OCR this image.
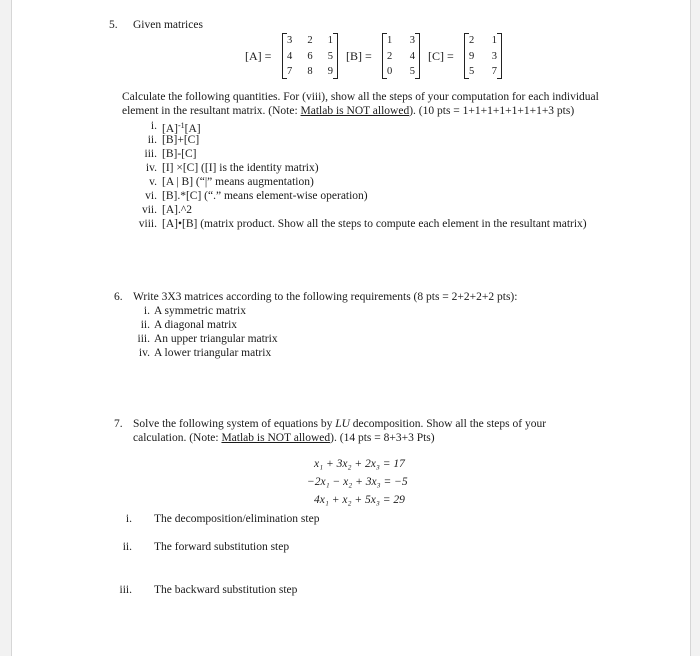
5. Given matrices
[A] =
3 2 1
4 6 5
7 8 9
[B] =
1 3
2 4
0 5
[C] =
2 1
9 3
5 7
Calculate the following quantities. For (viii), show all the steps of your computation for each individual
element in the resultant matrix. (Note: Matlab is NOT allowed). (10 pts = 1+1+1+1+1+1+1+3 pts)
i. $[A]^{-1}[A]$
ii. [B]+[C]
iii. [B]-[C]
iv. [I] ×[C] ([I] is the identity matrix)
v. [A | B] (“|” means augmentation)
vi. [B].*[C] (“.” means element-wise operation)
vii. [A].^2
viii. [A]•[B] (matrix product. Show all the steps to compute each element in the resultant matrix)
6. Write 3X3 matrices according to the following requirements (8 pts = 2+2+2+2 pts):
i. A symmetric matrix
ii. A diagonal matrix
iii. An upper triangular matrix
iv. A lower triangular matrix
7. Solve the following system of equations by LU decomposition. Show all the steps of your
calculation. (Note: Matlab is NOT allowed). (14 pts = 8+3+3 Pts)
x₁ + 3x₂ + 2x₃ = 17
−2x₁ − x₂ + 3x₃ = −5
4x₁ + x₂ + 5x₃ = 29
i. The decomposition/elimination step
ii. The forward substitution step
iii. The backward substitution step
